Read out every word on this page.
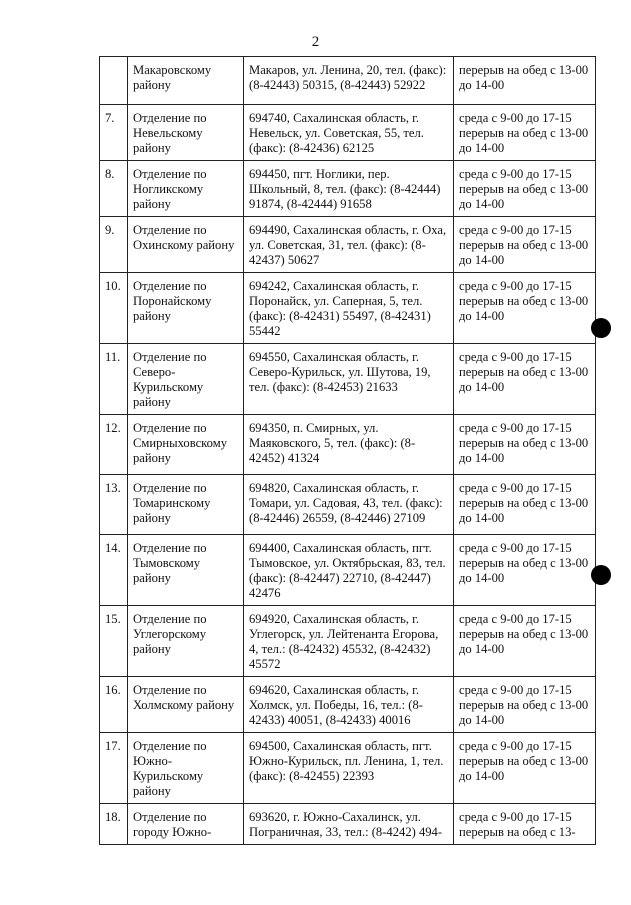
2
	Макаровскому району	Макаров, ул. Ленина, 20, тел. (факс): (8-42443) 50315, (8-42443) 52922	перерыв на обед с 13-00 до 14-00
7.	Отделение по Невельскому району	694740, Сахалинская область, г. Невельск, ул. Советская, 55, тел. (факс): (8-42436) 62125	среда с 9-00 до 17-15 перерыв на обед с 13-00 до 14-00
8.	Отделение по Ногликскому району	694450, пгт. Ноглики, пер. Школьный, 8, тел. (факс): (8-42444) 91874, (8-42444) 91658	среда с 9-00 до 17-15 перерыв на обед с 13-00 до 14-00
9.	Отделение по Охинскому району	694490, Сахалинская область, г. Оха, ул. Советская, 31, тел. (факс): (8-42437) 50627	среда с 9-00 до 17-15 перерыв на обед с 13-00 до 14-00
10.	Отделение по Поронайскому району	694242, Сахалинская область, г. Поронайск, ул. Саперная, 5, тел. (факс): (8-42431) 55497, (8-42431) 55442	среда с 9-00 до 17-15 перерыв на обед с 13-00 до 14-00
11.	Отделение по Северо-Курильскому району	694550, Сахалинская область, г. Северо-Курильск, ул. Шутова, 19, тел. (факс): (8-42453) 21633	среда с 9-00 до 17-15 перерыв на обед с 13-00 до 14-00
12.	Отделение по Смирныховскому району	694350, п. Смирных, ул. Маяковского, 5, тел. (факс): (8-42452) 41324	среда с 9-00 до 17-15 перерыв на обед с 13-00 до 14-00
13.	Отделение по Томаринскому району	694820, Сахалинская область, г. Томари, ул. Садовая, 43, тел. (факс): (8-42446) 26559, (8-42446) 27109	среда с 9-00 до 17-15 перерыв на обед с 13-00 до 14-00
14.	Отделение по Тымовскому району	694400, Сахалинская область, пгт. Тымовское, ул. Октябрьская, 83, тел. (факс): (8-42447) 22710, (8-42447) 42476	среда с 9-00 до 17-15 перерыв на обед с 13-00 до 14-00
15.	Отделение по Углегорскому району	694920, Сахалинская область, г. Углегорск, ул. Лейтенанта Егорова, 4, тел.: (8-42432) 45532, (8-42432) 45572	среда с 9-00 до 17-15 перерыв на обед с 13-00 до 14-00
16.	Отделение по Холмскому району	694620, Сахалинская область, г. Холмск, ул. Победы, 16, тел.: (8-42433) 40051, (8-42433) 40016	среда с 9-00 до 17-15 перерыв на обед с 13-00 до 14-00
17.	Отделение по Южно-Курильскому району	694500, Сахалинская область, пгт. Южно-Курильск, пл. Ленина, 1, тел. (факс): (8-42455) 22393	среда с 9-00 до 17-15 перерыв на обед с 13-00 до 14-00
18.	Отделение по городу Южно-	693620, г. Южно-Сахалинск, ул. Пограничная, 33, тел.: (8-4242) 494-	среда с 9-00 до 17-15 перерыв на обед с 13-
